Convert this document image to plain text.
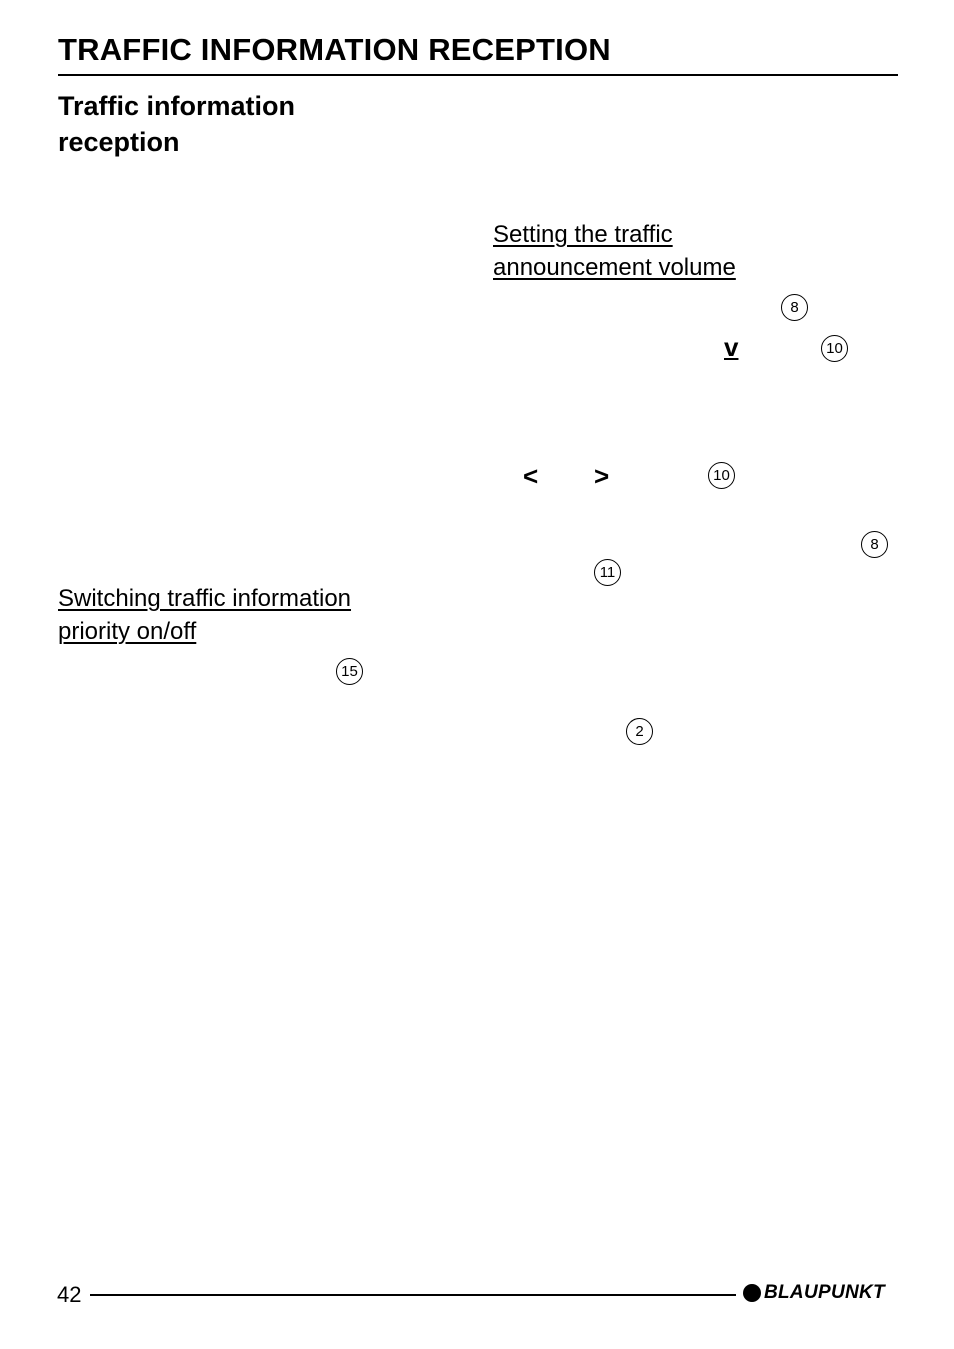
TRAFFIC INFORMATION RECEPTION
Traffic information reception
Setting the traffic
announcement volume
Switching traffic information
priority on/off
8
v	10
< >	10
8
11
15
2
42	BLAUPUNKT
